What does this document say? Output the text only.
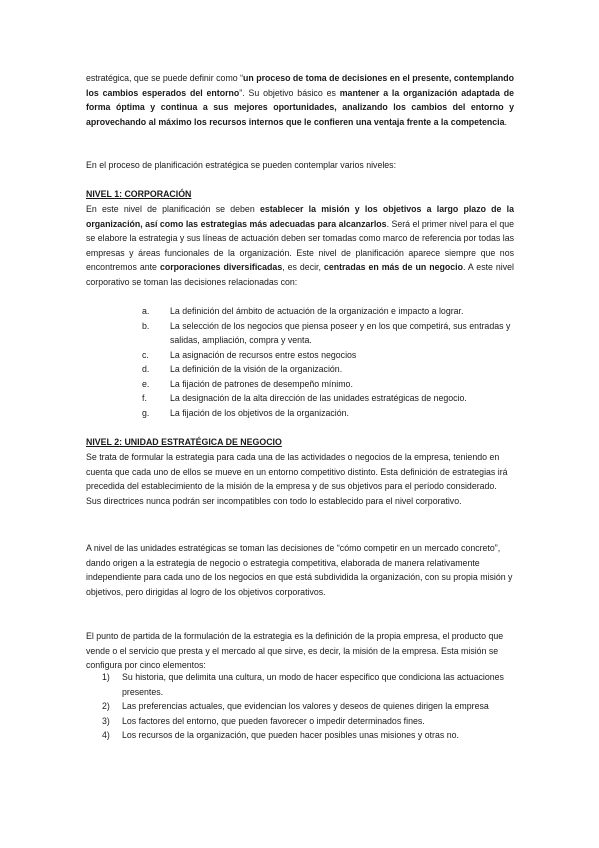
estratégica, que se puede definir como “un proceso de toma de decisiones en el presente, contemplando los cambios esperados del entorno”. Su objetivo básico es mantener a la organización adaptada de forma óptima y continua a sus mejores oportunidades, analizando los cambios del entorno y aprovechando al máximo los recursos internos que le confieren una ventaja frente a la competencia.

En el proceso de planificación estratégica se pueden contemplar varios niveles:

NIVEL 1: CORPORACIÓN

En este nivel de planificación se deben establecer la misión y los objetivos a largo plazo de la organización, así como las estrategias más adecuadas para alcanzarlos. Será el primer nivel para el que se elabore la estrategia y sus líneas de actuación deben ser tomadas como marco de referencia por todas las empresas y áreas funcionales de la organización. Este nivel de planificación aparece siempre que nos encontremos ante corporaciones diversificadas, es decir, centradas en más de un negocio. A este nivel corporativo se toman las decisiones relacionadas con:

a.	La definición del ámbito de actuación de la organización e impacto a lograr.
b.	La selección de los negocios que piensa poseer y en los que competirá, sus entradas y salidas, ampliación, compra y venta.
c.	La asignación de recursos entre estos negocios
d.	La definición de la visión de la organización.
e.	La fijación de patrones de desempeño mínimo.
f.	La designación de la alta dirección de las unidades estratégicas de negocio.
g.	La fijación de los objetivos de la organización.

NIVEL 2: UNIDAD ESTRATÉGICA DE NEGOCIO

Se trata de formular la estrategia para cada una de las actividades o negocios de la empresa, teniendo en cuenta que cada uno de ellos se mueve en un entorno competitivo distinto. Esta definición de estrategias irá precedida del establecimiento de la misión de la empresa y de sus objetivos para el período considerado. Sus directrices nunca podrán ser incompatibles con todo lo establecido para el nivel corporativo.

A nivel de las unidades estratégicas se toman las decisiones de “cómo competir en un mercado concreto”, dando origen a la estrategia de negocio o estrategia competitiva, elaborada de manera relativamente independiente para cada uno de los negocios en que está subdividida la organización, con su propia misión y objetivos, pero dirigidas al logro de los objetivos corporativos.

El punto de partida de la formulación de la estrategia es la definición de la propia empresa, el producto que vende o el servicio que presta y el mercado al que sirve, es decir, la misión de la empresa. Esta misión se configura por cinco elementos:

1)	Su historia, que delimita una cultura, un modo de hacer especifico que condiciona las actuaciones presentes.
2)	Las preferencias actuales, que evidencian los valores y deseos de quienes dirigen la empresa
3)	Los factores del entorno, que pueden favorecer o impedir determinados fines.
4)	Los recursos de la organización, que pueden hacer posibles unas misiones y otras no.
